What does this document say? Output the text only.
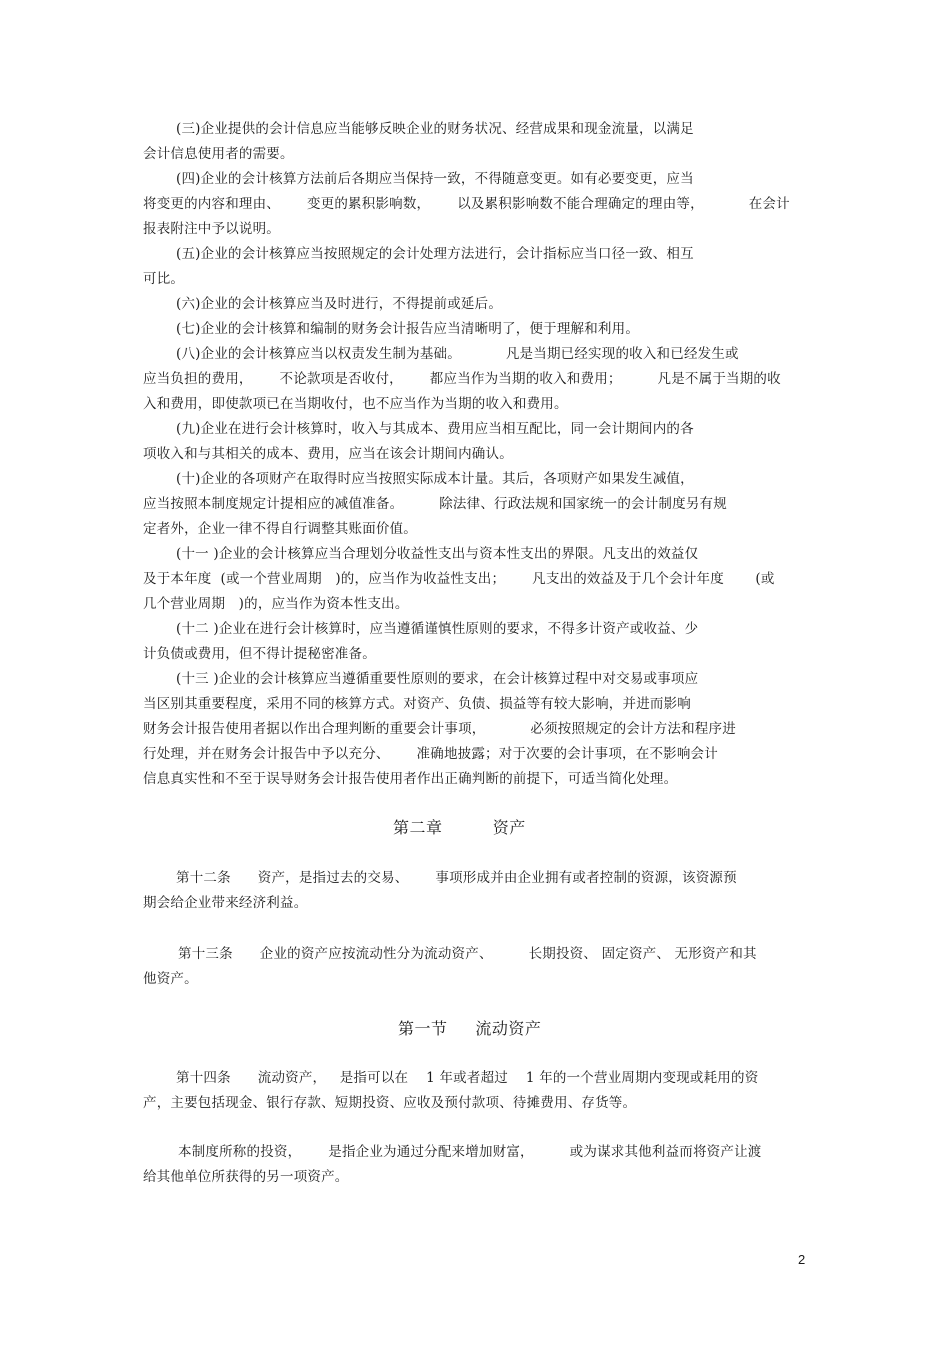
(三)企业提供的会计信息应当能够反映企业的财务状况、经营成果和现金流量，以满足
会计信息使用者的需要。
(四)企业的会计核算方法前后各期应当保持一致，不得随意变更。如有必要变更，应当
将变更的内容和理由、      变更的累积影响数，      以及累积影响数不能合理确定的理由等，          在会计
报表附注中予以说明。
(五)企业的会计核算应当按照规定的会计处理方法进行，会计指标应当口径一致、相互
可比。
(六)企业的会计核算应当及时进行，不得提前或延后。
(七)企业的会计核算和编制的财务会计报告应当清晰明了，便于理解和利用。
(八)企业的会计核算应当以权责发生制为基础。          凡是当期已经实现的收入和已经发生或
应当负担的费用，      不论款项是否收付，      都应当作为当期的收入和费用；        凡是不属于当期的收
入和费用，即使款项已在当期收付，也不应当作为当期的收入和费用。
(九)企业在进行会计核算时，收入与其成本、费用应当相互配比，同一会计期间内的各
项收入和与其相关的成本、费用，应当在该会计期间内确认。
(十)企业的各项财产在取得时应当按照实际成本计量。其后，各项财产如果发生减值，
应当按照本制度规定计提相应的减值准备。        除法律、行政法规和国家统一的会计制度另有规
定者外，企业一律不得自行调整其账面价值。
(十一 )企业的会计核算应当合理划分收益性支出与资本性支出的界限。凡支出的效益仅
及于本年度  (或一个营业周期   )的，应当作为收益性支出；      凡支出的效益及于几个会计年度       (或
几个营业周期   )的，应当作为资本性支出。
(十二 )企业在进行会计核算时，应当遵循谨慎性原则的要求，不得多计资产或收益、少
计负债或费用，但不得计提秘密准备。
(十三 )企业的会计核算应当遵循重要性原则的要求，在会计核算过程中对交易或事项应
当区别其重要程度，采用不同的核算方式。对资产、负债、损益等有较大影响，并进而影响
财务会计报告使用者据以作出合理判断的重要会计事项，          必须按照规定的会计方法和程序进
行处理，并在财务会计报告中予以充分、      准确地披露；对于次要的会计事项，在不影响会计
信息真实性和不至于误导财务会计报告使用者作出正确判断的前提下，可适当简化处理。
第二章         资产
第十二条      资产，是指过去的交易、      事项形成并由企业拥有或者控制的资源，该资源预
期会给企业带来经济利益。
第十三条      企业的资产应按流动性分为流动资产、        长期投资、 固定资产、 无形资产和其
他资产。
第一节     流动资产
第十四条      流动资产，   是指可以在    1 年或者超过    1 年的一个营业周期内变现或耗用的资
产，主要包括现金、银行存款、短期投资、应收及预付款项、待摊费用、存货等。
本制度所称的投资，      是指企业为通过分配来增加财富，        或为谋求其他利益而将资产让渡
给其他单位所获得的另一项资产。
2
